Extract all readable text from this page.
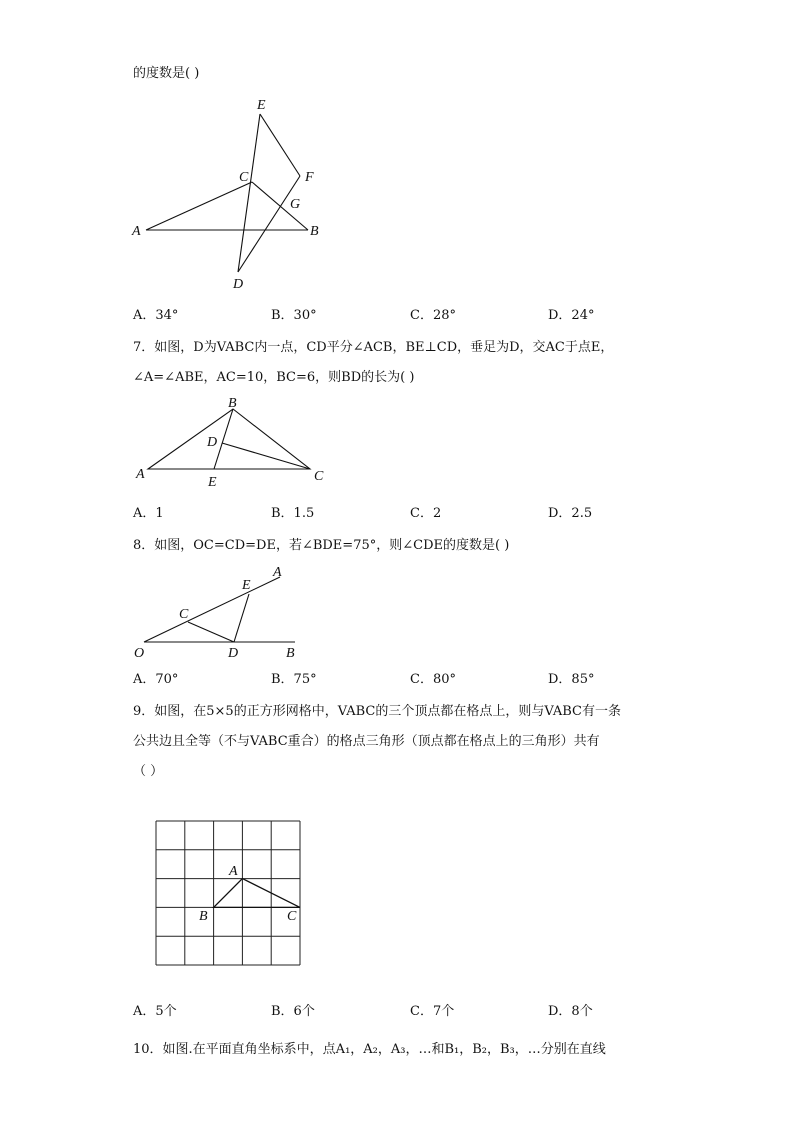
的度数是( )
E
C	F
G
A	B
D
A．34°	B．30°	C．28°	D．24°
7．如图，D为VABC内一点，CD平分∠ACB，BE⊥CD，垂足为D，交AC于点E，
∠A=∠ABE，AC=10，BC=6，则BD的长为( )
B
D
A
E	C
A．1	B．1.5	C．2	D．2.5
8．如图，OC=CD=DE，若∠BDE=75°，则∠CDE的度数是( )
A
E
C
O	D	B
A．70°	B．75°	C．80°	D．85°
9．如图，在5×5的正方形网格中，VABC的三个顶点都在格点上，则与VABC有一条
公共边且全等（不与VABC重合）的格点三角形（顶点都在格点上的三角形）共有
（ ）
A
B	C
A．5个	B．6个	C．7个	D．8个
10．如图.在平面直角坐标系中，点A₁，A₂，A₃，…和B₁，B₂，B₃，…分别在直线
